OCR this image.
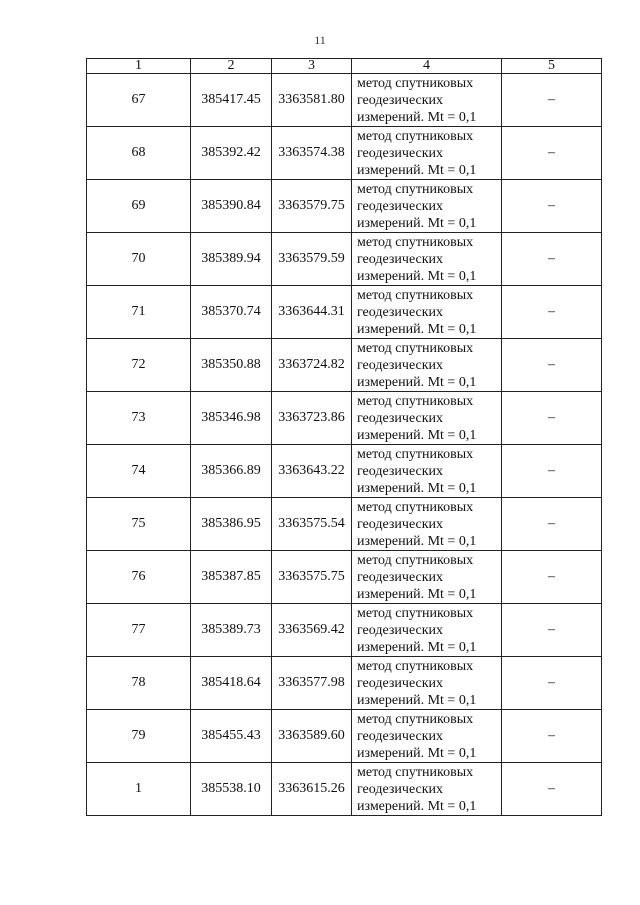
11
1	2	3	4	5
67	385417.45	3363581.80	метод спутниковых
геодезических
измерений. Mt = 0,1	–
68	385392.42	3363574.38	метод спутниковых
геодезических
измерений. Mt = 0,1	–
69	385390.84	3363579.75	метод спутниковых
геодезических
измерений. Mt = 0,1	–
70	385389.94	3363579.59	метод спутниковых
геодезических
измерений. Mt = 0,1	–
71	385370.74	3363644.31	метод спутниковых
геодезических
измерений. Mt = 0,1	–
72	385350.88	3363724.82	метод спутниковых
геодезических
измерений. Mt = 0,1	–
73	385346.98	3363723.86	метод спутниковых
геодезических
измерений. Mt = 0,1	–
74	385366.89	3363643.22	метод спутниковых
геодезических
измерений. Mt = 0,1	–
75	385386.95	3363575.54	метод спутниковых
геодезических
измерений. Mt = 0,1	–
76	385387.85	3363575.75	метод спутниковых
геодезических
измерений. Mt = 0,1	–
77	385389.73	3363569.42	метод спутниковых
геодезических
измерений. Mt = 0,1	–
78	385418.64	3363577.98	метод спутниковых
геодезических
измерений. Mt = 0,1	–
79	385455.43	3363589.60	метод спутниковых
геодезических
измерений. Mt = 0,1	–
1	385538.10	3363615.26	метод спутниковых
геодезических
измерений. Mt = 0,1	–
